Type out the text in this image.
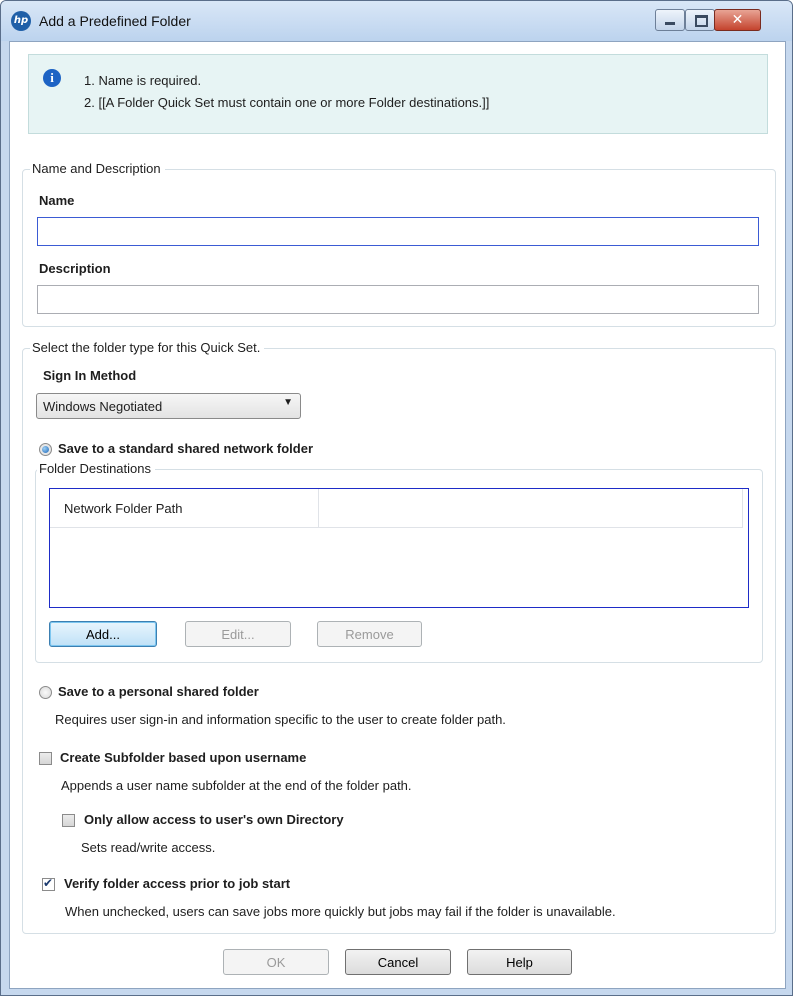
hp Add a Predefined Folder	✕
i	1. Name is required.
2. [[A Folder Quick Set must contain one or more Folder destinations.]]
Name and Description
Name
Description
Select the folder type for this Quick Set.
Sign In Method
Windows Negotiated	▼
Save to a standard shared network folder
Folder Destinations
Network Folder Path
Add...	Edit...	Remove
Save to a personal shared folder
Requires user sign-in and information specific to the user to create folder path.
Create Subfolder based upon username
Appends a user name subfolder at the end of the folder path.
Only allow access to user's own Directory
Sets read/write access.
✔ Verify folder access prior to job start
When unchecked, users can save jobs more quickly but jobs may fail if the folder is unavailable.
OK	Cancel	Help
